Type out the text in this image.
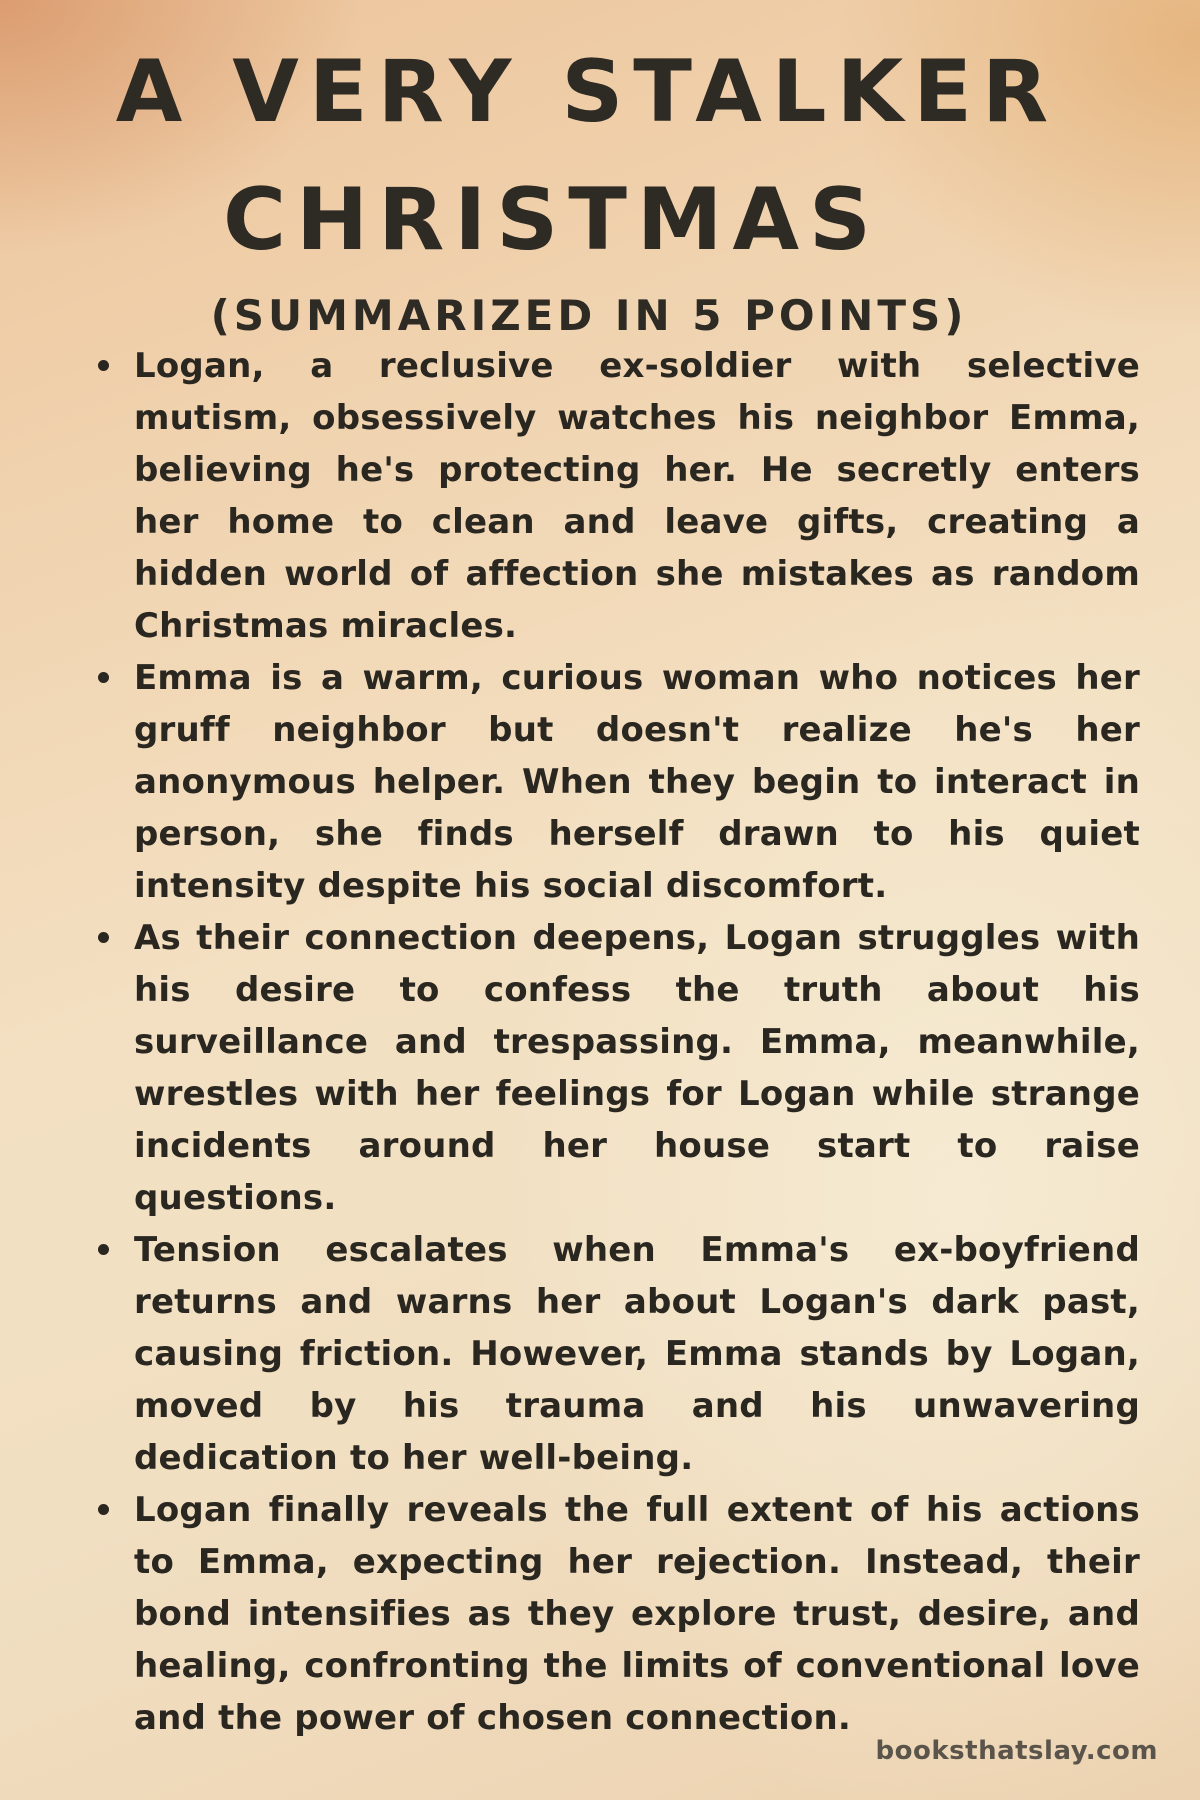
A VERY STALKER
CHRISTMAS
(SUMMARIZED IN 5 POINTS)
Logan, a reclusive ex-soldier with selective mutism, obsessively watches his neighbor Emma, believing he's protecting her. He secretly enters her home to clean and leave gifts, creating a hidden world of affection she mistakes as random Christmas miracles.
Emma is a warm, curious woman who notices her gruff neighbor but doesn't realize he's her anonymous helper. When they begin to interact in person, she finds herself drawn to his quiet intensity despite his social discomfort.
As their connection deepens, Logan struggles with his desire to confess the truth about his surveillance and trespassing. Emma, meanwhile, wrestles with her feelings for Logan while strange incidents around her house start to raise questions.
Tension escalates when Emma's ex-boyfriend returns and warns her about Logan's dark past, causing friction. However, Emma stands by Logan, moved by his trauma and his unwavering dedication to her well-being.
Logan finally reveals the full extent of his actions to Emma, expecting her rejection. Instead, their bond intensifies as they explore trust, desire, and healing, confronting the limits of conventional love and the power of chosen connection.
booksthatslay.com
